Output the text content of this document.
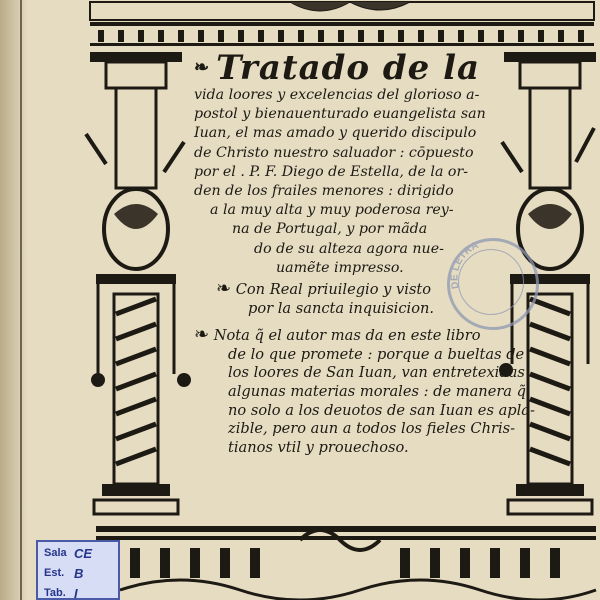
DE LETRA
❧ Tratado de la
vida loores y excelencias del glorioso a-
postol y bienauenturado euangelista san
Iuan, el mas amado y querido discipulo
de Christo nuestro saluador : cōpuesto
por el . P. F. Diego de Estella, de la or-
den de los frailes menores : dirigido
a la muy alta y muy poderosa rey-
na de Portugal, y por mãda
do de su alteza agora nue-
uamẽte impresso.
❧ Con Real priuilegio y visto
por la sancta inquisicion.
❧ Nota q̃ el autor mas da en este libro
de lo que promete : porque a bueltas de
los loores de San Iuan, van entretexidas
algunas materias morales : de manera q̃
no solo a los deuotos de san Iuan es apla-
zible, pero aun a todos los fieles Chris-
tianos vtil y prouechoso.
Sala CE
Est. B
Tab. I
